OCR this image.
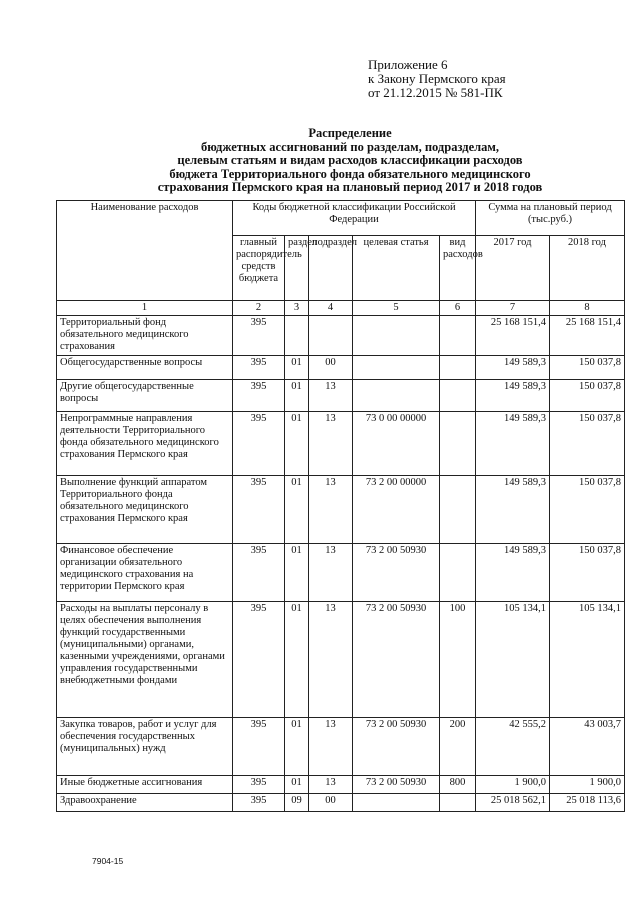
Приложение 6
к Закону Пермского края
от 21.12.2015 № 581-ПК
Распределение
бюджетных ассигнований по разделам, подразделам,
целевым статьям и видам расходов классификации расходов
бюджета Территориального фонда обязательного медицинского
страхования Пермского края на плановый период 2017 и 2018 годов
Наименование расходов	Коды бюджетной классификации Российской Федерации					Сумма на плановый период (тыс.руб.)	
	главный распорядитель средств бюджета	раздел	подраздел	целевая статья	вид расходов	2017 год	2018 год
1	2	3	4	5	6	7	8
Территориальный фонд обязательного медицинского страхования	395					25 168 151,4	25 168 151,4
Общегосударственные вопросы	395	01	00			149 589,3	150 037,8
Другие общегосударственные вопросы	395	01	13			149 589,3	150 037,8
Непрограммные направления деятельности Территориального фонда обязательного медицинского страхования Пермского края	395	01	13	73 0 00 00000		149 589,3	150 037,8
Выполнение функций аппаратом Территориального фонда обязательного медицинского страхования Пермского края	395	01	13	73 2 00 00000		149 589,3	150 037,8
Финансовое обеспечение организации обязательного медицинского страхования на территории Пермского края	395	01	13	73 2 00 50930		149 589,3	150 037,8
Расходы на выплаты персоналу в целях обеспечения выполнения функций государственными (муниципальными) органами, казенными учреждениями, органами управления государственными внебюджетными фондами	395	01	13	73 2 00 50930	100	105 134,1	105 134,1
Закупка товаров, работ и услуг для обеспечения государственных (муниципальных) нужд	395	01	13	73 2 00 50930	200	42 555,2	43 003,7
Иные бюджетные ассигнования	395	01	13	73 2 00 50930	800	1 900,0	1 900,0
Здравоохранение	395	09	00			25 018 562,1	25 018 113,6
7904-15
